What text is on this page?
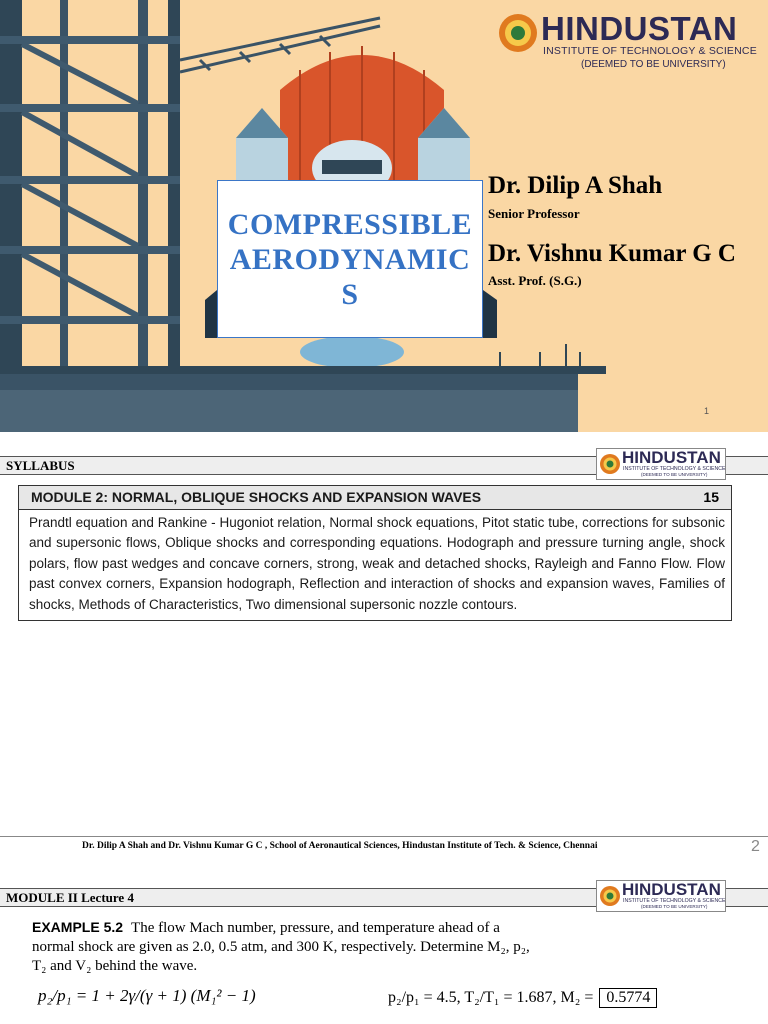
HINDUSTAN
INSTITUTE OF TECHNOLOGY & SCIENCE
(DEEMED TO BE UNIVERSITY)
COMPRESSIBLE AERODYNAMICS
Dr. Dilip A Shah
Senior Professor
Dr. Vishnu Kumar G C
Asst. Prof. (S.G.)
1
SYLLABUS	HINDUSTAN
INSTITUTE OF TECHNOLOGY & SCIENCE
(DEEMED TO BE UNIVERSITY)
MODULE 2: NORMAL, OBLIQUE SHOCKS AND EXPANSION WAVES	15
Prandtl equation and Rankine - Hugoniot relation, Normal shock equations, Pitot static tube, corrections for subsonic and supersonic flows, Oblique shocks and corresponding equations. Hodograph and pressure turning angle, shock polars, flow past wedges and concave corners, strong, weak and detached shocks, Rayleigh and Fanno Flow. Flow past convex corners, Expansion hodograph, Reflection and interaction of shocks and expansion waves, Families of shocks, Methods of Characteristics, Two dimensional supersonic nozzle contours.
Dr. Dilip A Shah and Dr. Vishnu Kumar G C , School of Aeronautical Sciences, Hindustan Institute of Tech. & Science, Chennai	2
MODULE II Lecture 4	HINDUSTAN
INSTITUTE OF TECHNOLOGY & SCIENCE
(DEEMED TO BE UNIVERSITY)
EXAMPLE 5.2 The flow Mach number, pressure, and temperature ahead of a normal shock are given as 2.0, 0.5 atm, and 300 K, respectively. Determine M₂, p₂, T₂ and V₂ behind the wave.
p₂/p₁ = 1 + 2γ/(γ + 1) (M₁² − 1)	p₂/p₁ = 4.5, T₂/T₁ = 1.687, M₂ = 0.5774
